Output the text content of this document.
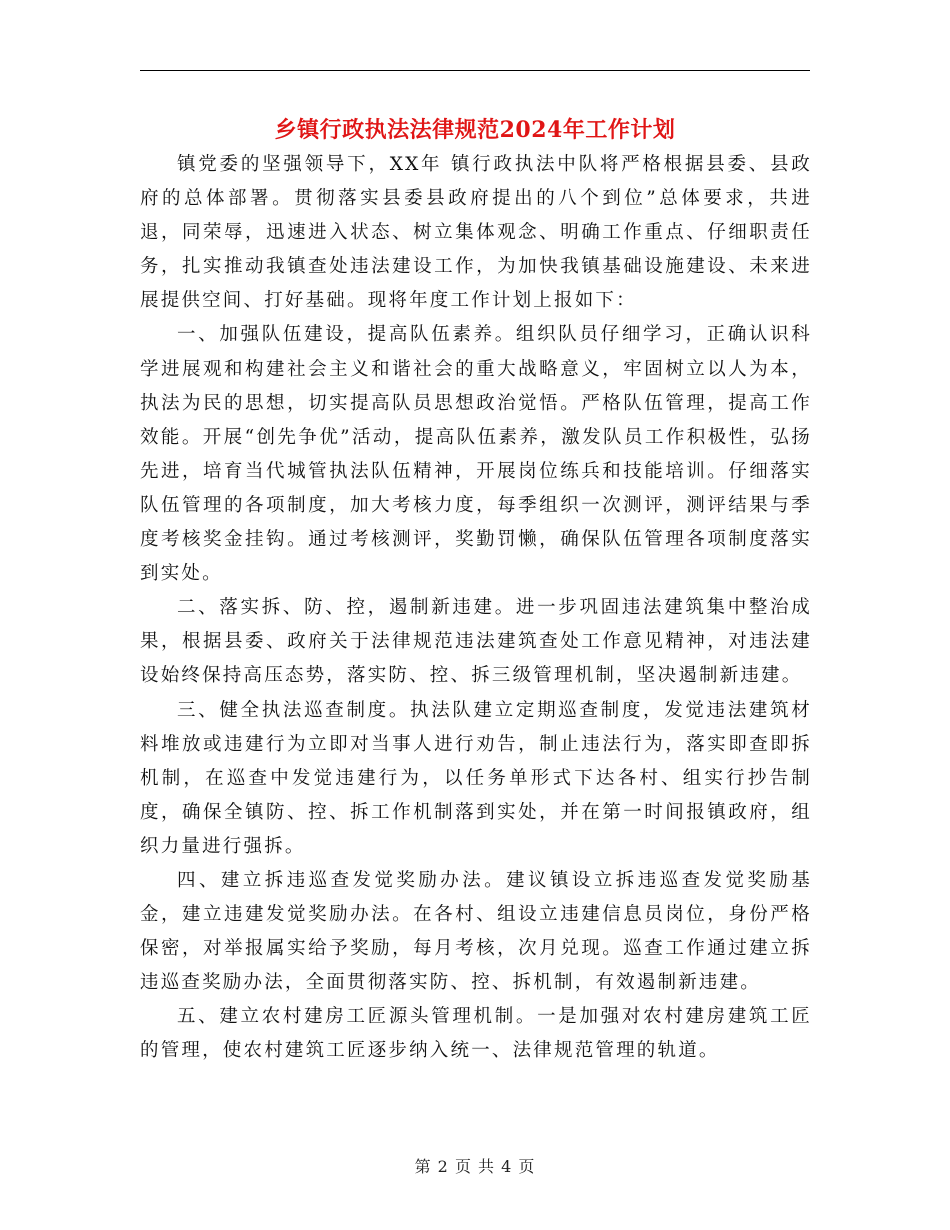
乡镇行政执法法律规范2024年工作计划

镇党委的坚强领导下，XX年 镇行政执法中队将严格根据县委、县政府的总体部署。贯彻落实县委县政府提出的八个到位”总体要求，共进退，同荣辱，迅速进入状态、树立集体观念、明确工作重点、仔细职责任务，扎实推动我镇查处违法建设工作，为加快我镇基础设施建设、未来进展提供空间、打好基础。现将年度工作计划上报如下：

一、加强队伍建设，提高队伍素养。组织队员仔细学习，正确认识科学进展观和构建社会主义和谐社会的重大战略意义，牢固树立以人为本，执法为民的思想，切实提高队员思想政治觉悟。严格队伍管理，提高工作效能。开展“创先争优”活动，提高队伍素养，激发队员工作积极性，弘扬先进，培育当代城管执法队伍精神，开展岗位练兵和技能培训。仔细落实队伍管理的各项制度，加大考核力度，每季组织一次测评，测评结果与季度考核奖金挂钩。通过考核测评，奖勤罚懒，确保队伍管理各项制度落实到实处。

二、落实拆、防、控，遏制新违建。进一步巩固违法建筑集中整治成果，根据县委、政府关于法律规范违法建筑查处工作意见精神，对违法建设始终保持高压态势，落实防、控、拆三级管理机制，坚决遏制新违建。

三、健全执法巡查制度。执法队建立定期巡查制度，发觉违法建筑材料堆放或违建行为立即对当事人进行劝告，制止违法行为，落实即查即拆机制，在巡查中发觉违建行为，以任务单形式下达各村、组实行抄告制度，确保全镇防、控、拆工作机制落到实处，并在第一时间报镇政府，组织力量进行强拆。

四、建立拆违巡查发觉奖励办法。建议镇设立拆违巡查发觉奖励基金，建立违建发觉奖励办法。在各村、组设立违建信息员岗位，身份严格保密，对举报属实给予奖励，每月考核，次月兑现。巡查工作通过建立拆违巡查奖励办法，全面贯彻落实防、控、拆机制，有效遏制新违建。

五、建立农村建房工匠源头管理机制。一是加强对农村建房建筑工匠的管理，使农村建筑工匠逐步纳入统一、法律规范管理的轨道。

第 2 页 共 4 页
